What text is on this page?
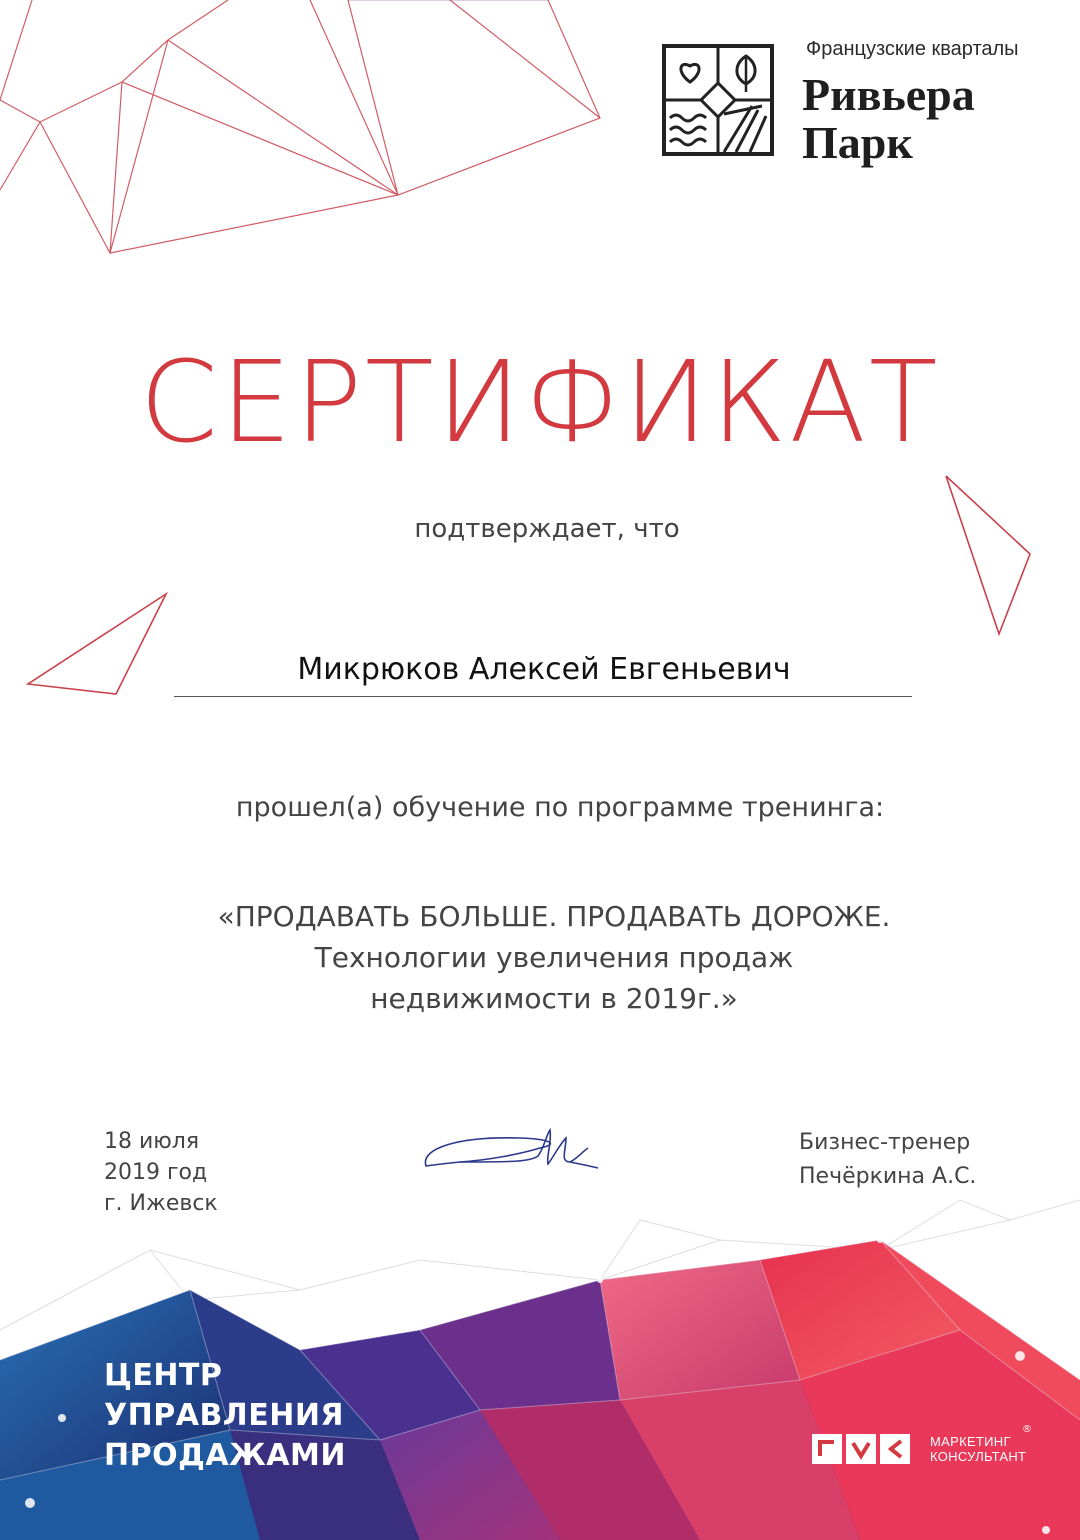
Французские кварталы
Ривьера
Парк
СЕРТИФИКАТ
подтверждает, что
Микрюков Алексей Евгеньевич
прошел(а) обучение по программе тренинга:
«ПРОДАВАТЬ БОЛЬШЕ. ПРОДАВАТЬ ДОРОЖЕ.
Технологии увеличения продаж
недвижимости в 2019г.»
18 июля
2019 год
г. Ижевск
Бизнес-тренер
Печёркина А.С.
ЦЕНТР
УПРАВЛЕНИЯ
ПРОДАЖАМИ	МАРКЕТИНГ
КОНСУЛЬТАНТ
®
